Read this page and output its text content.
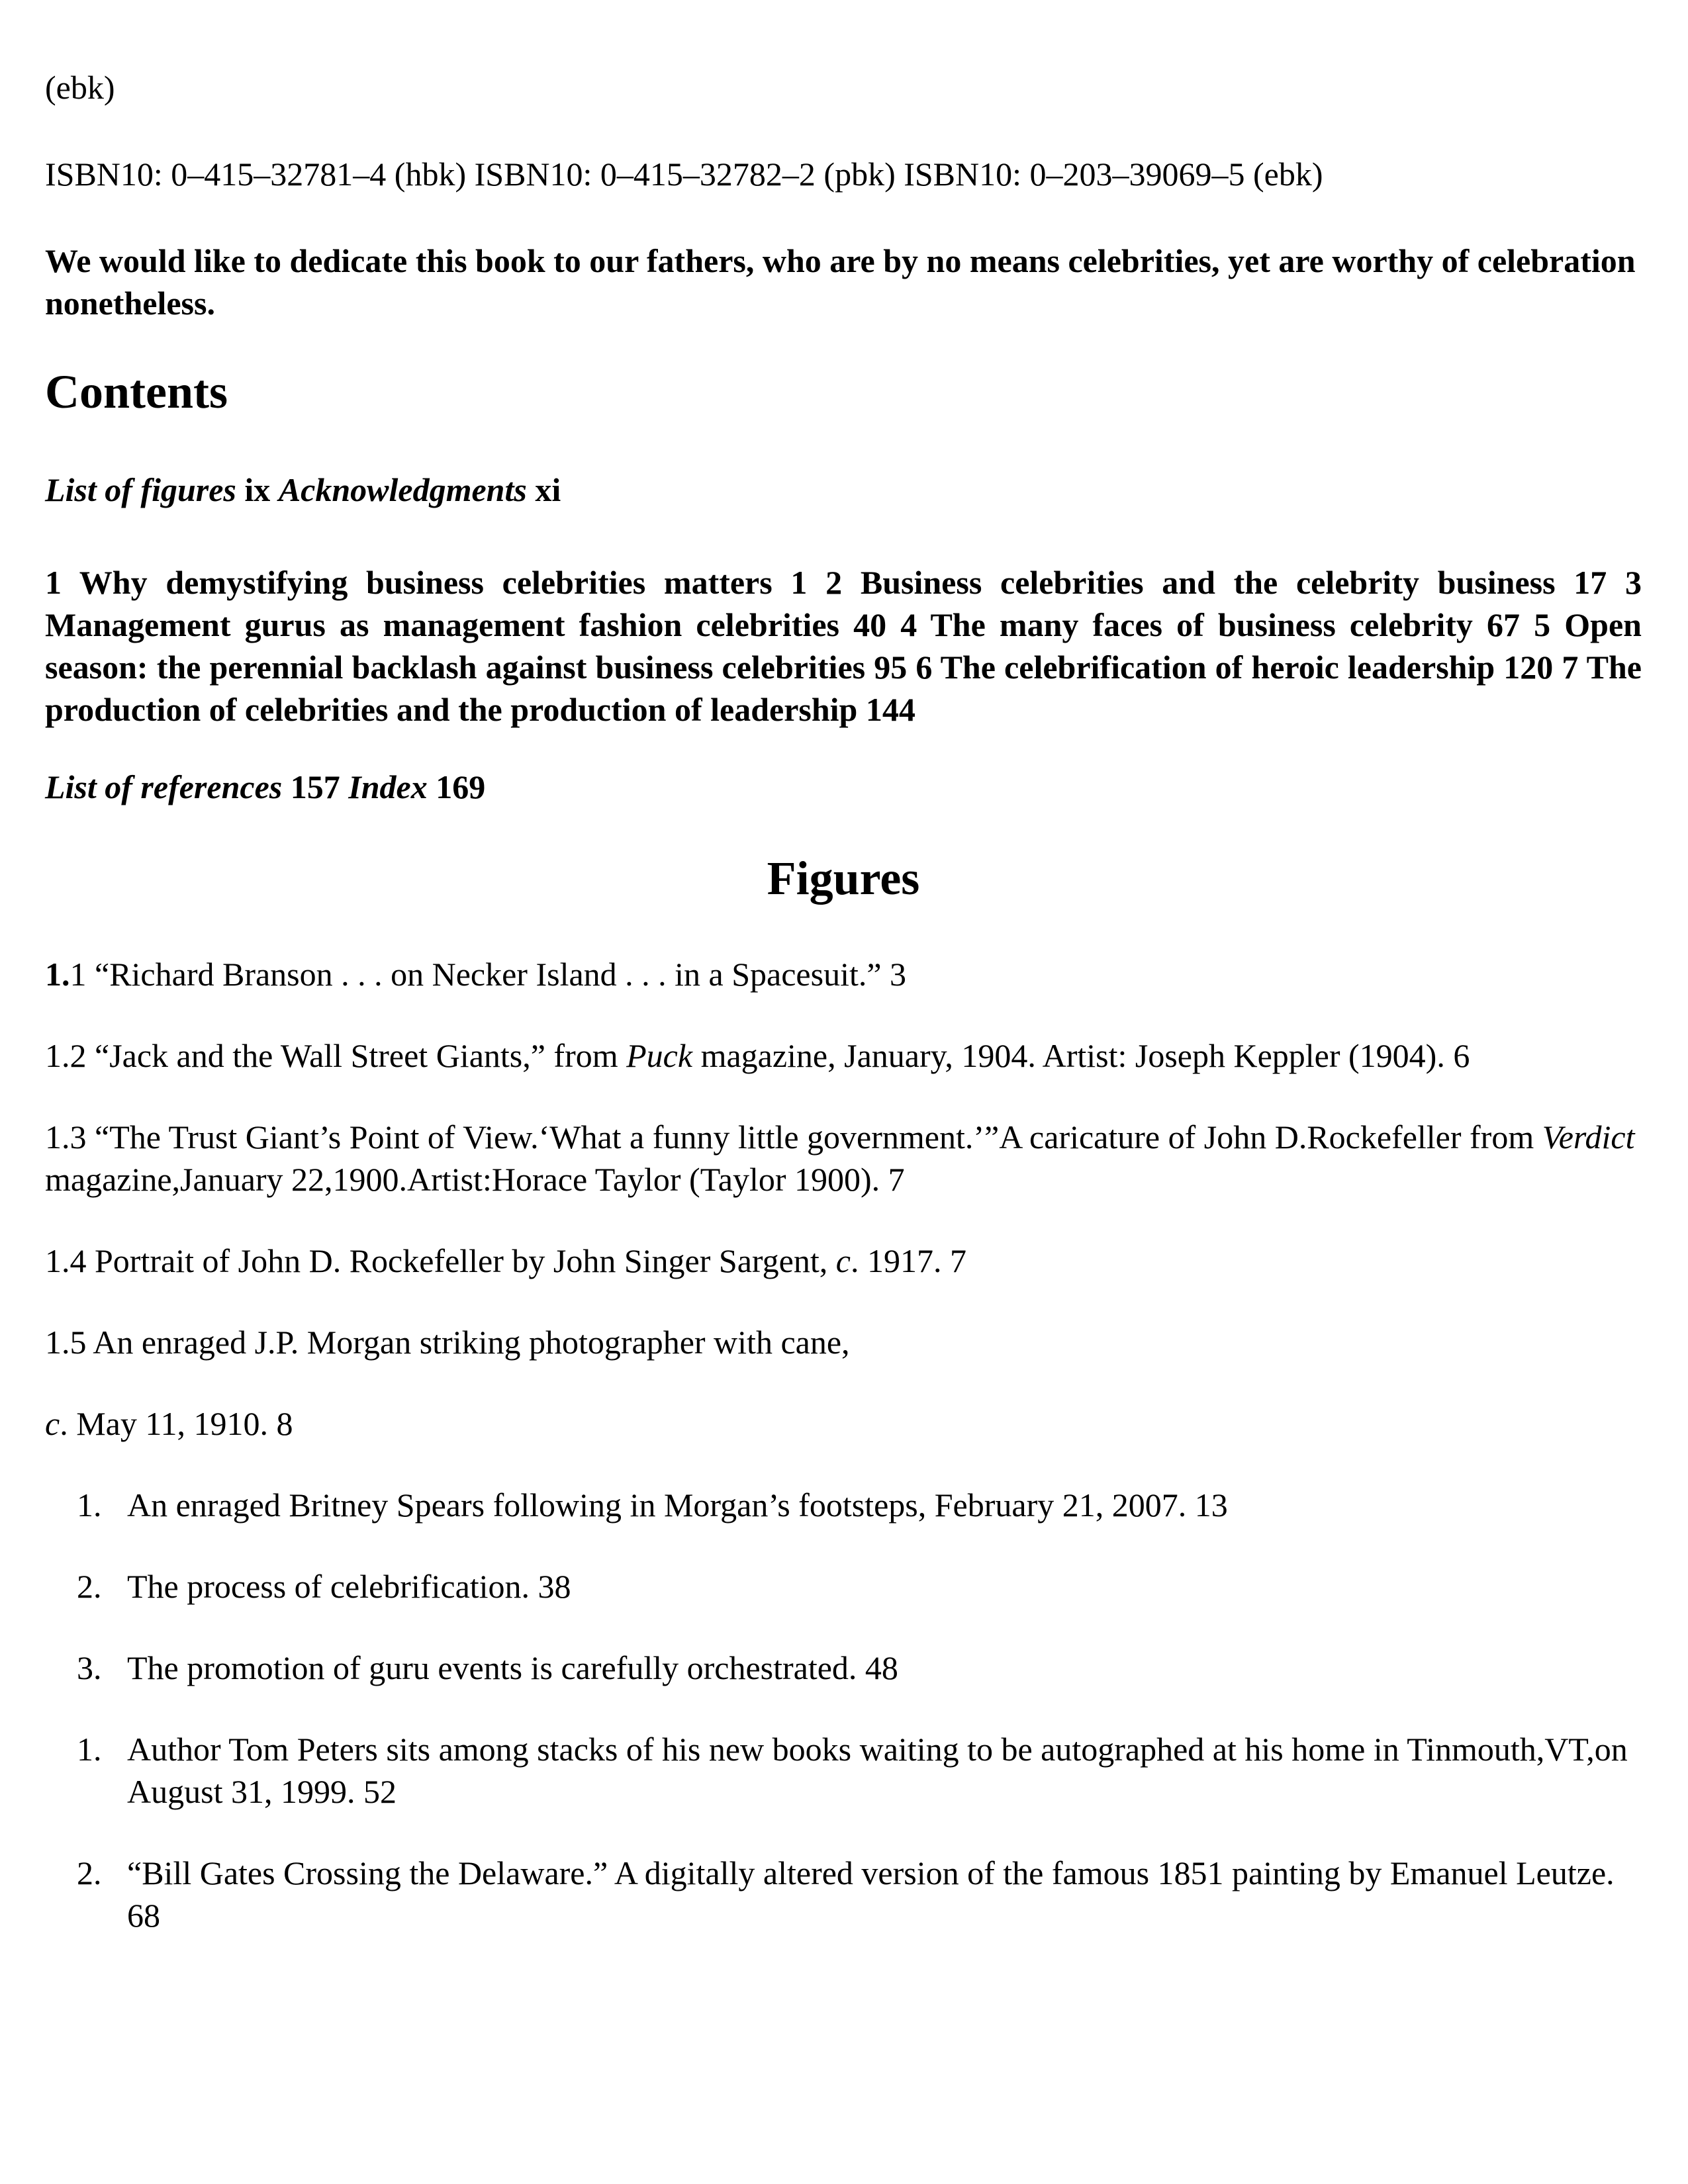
(ebk)

ISBN10: 0–415–32781–4 (hbk) ISBN10: 0–415–32782–2 (pbk) ISBN10: 0–203–39069–5 (ebk)

We would like to dedicate this book to our fathers, who are by no means celebrities, yet are worthy of celebration nonetheless.

Contents

List of figures ix Acknowledgments xi

1 Why demystifying business celebrities matters 1 2 Business celebrities and the celebrity business 17 3 Management gurus as management fashion celebrities 40 4 The many faces of business celebrity 67 5 Open season: the perennial backlash against business celebrities 95 6 The celebrification of heroic leadership 120 7 The production of celebrities and the production of leadership 144

List of references 157 Index 169

Figures

1.1 “Richard Branson . . . on Necker Island . . . in a Spacesuit.” 3

1.2 “Jack and the Wall Street Giants,” from Puck magazine, January, 1904. Artist: Joseph Keppler (1904). 6

1.3 “The Trust Giant’s Point of View.‘What a funny little government.’”A caricature of John D.Rockefeller from Verdict magazine,January 22,1900.Artist:Horace Taylor (Taylor 1900). 7

1.4 Portrait of John D. Rockefeller by John Singer Sargent, c. 1917. 7

1.5 An enraged J.P. Morgan striking photographer with cane,

c. May 11, 1910. 8

1. An enraged Britney Spears following in Morgan’s footsteps, February 21, 2007. 13
2. The process of celebrification. 38
3. The promotion of guru events is carefully orchestrated. 48
1. Author Tom Peters sits among stacks of his new books waiting to be autographed at his home in Tinmouth,VT,on August 31, 1999. 52
2. “Bill Gates Crossing the Delaware.” A digitally altered version of the famous 1851 painting by Emanuel Leutze. 68
